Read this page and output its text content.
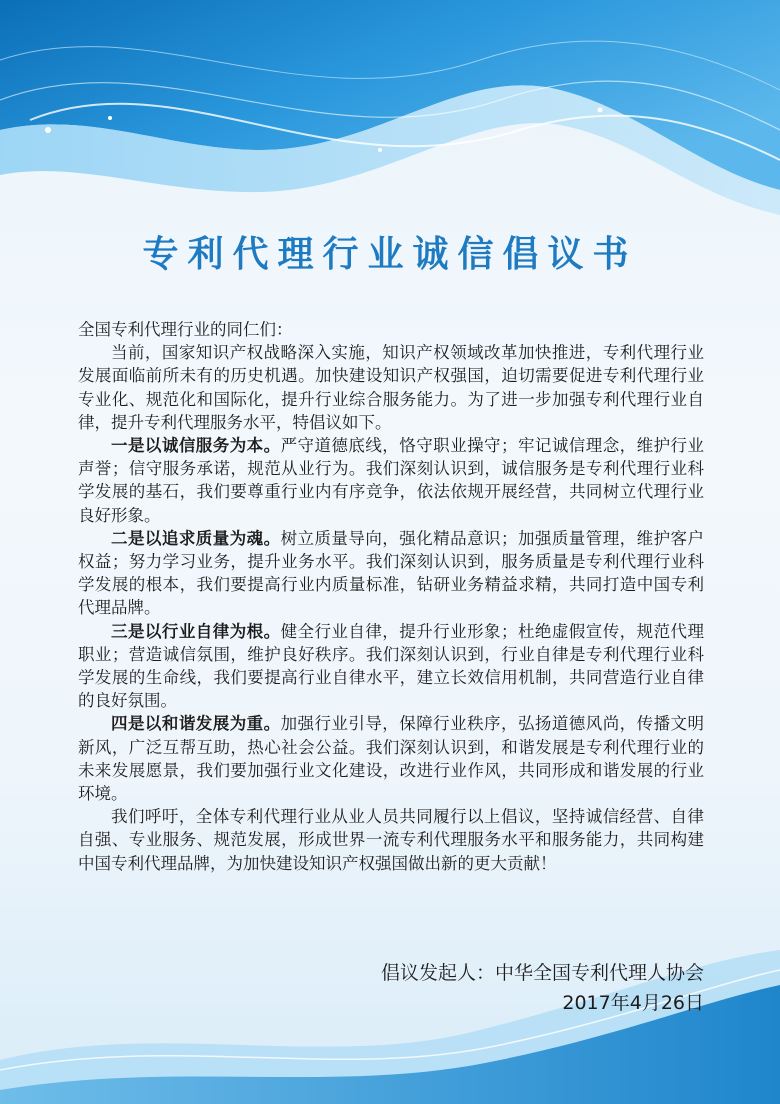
专利代理行业诚信倡议书

全国专利代理行业的同仁们：

当前，国家知识产权战略深入实施，知识产权领域改革加快推进，专利代理行业发展面临前所未有的历史机遇。加快建设知识产权强国，迫切需要促进专利代理行业专业化、规范化和国际化，提升行业综合服务能力。为了进一步加强专利代理行业自律，提升专利代理服务水平，特倡议如下。

一是以诚信服务为本。严守道德底线，恪守职业操守；牢记诚信理念，维护行业声誉；信守服务承诺，规范从业行为。我们深刻认识到，诚信服务是专利代理行业科学发展的基石，我们要尊重行业内有序竞争，依法依规开展经营，共同树立代理行业良好形象。

二是以追求质量为魂。树立质量导向，强化精品意识；加强质量管理，维护客户权益；努力学习业务，提升业务水平。我们深刻认识到，服务质量是专利代理行业科学发展的根本，我们要提高行业内质量标准，钻研业务精益求精，共同打造中国专利代理品牌。

三是以行业自律为根。健全行业自律，提升行业形象；杜绝虚假宣传，规范代理职业；营造诚信氛围，维护良好秩序。我们深刻认识到，行业自律是专利代理行业科学发展的生命线，我们要提高行业自律水平，建立长效信用机制，共同营造行业自律的良好氛围。

四是以和谐发展为重。加强行业引导，保障行业秩序，弘扬道德风尚，传播文明新风，广泛互帮互助，热心社会公益。我们深刻认识到，和谐发展是专利代理行业的未来发展愿景，我们要加强行业文化建设，改进行业作风，共同形成和谐发展的行业环境。

我们呼吁，全体专利代理行业从业人员共同履行以上倡议，坚持诚信经营、自律自强、专业服务、规范发展，形成世界一流专利代理服务水平和服务能力，共同构建中国专利代理品牌，为加快建设知识产权强国做出新的更大贡献！

倡议发起人：中华全国专利代理人协会
2017年4月26日
